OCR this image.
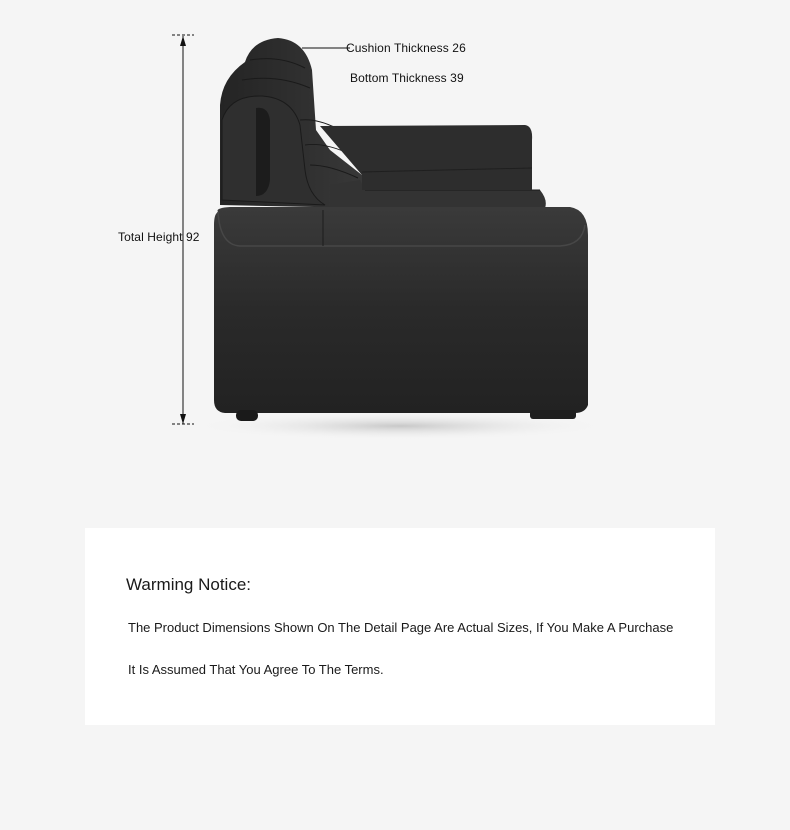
Cushion Thickness 26
Bottom Thickness 39
Total Height 92
Warming Notice:
The Product Dimensions Shown On The Detail Page Are Actual Sizes, If You Make A Purchase
It Is Assumed That You Agree To The Terms.
